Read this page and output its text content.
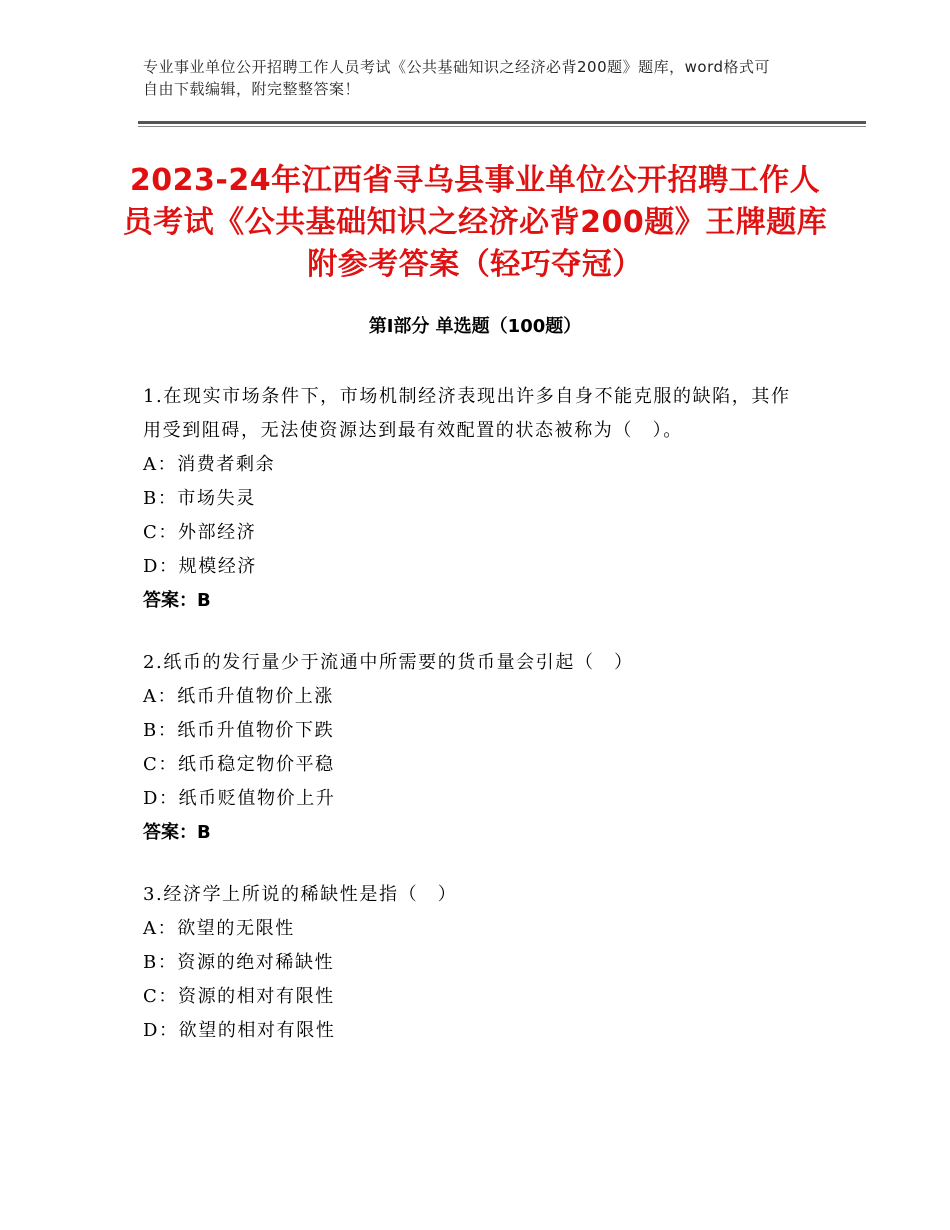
专业事业单位公开招聘工作人员考试《公共基础知识之经济必背200题》题库，word格式可自由下载编辑，附完整整答案！
2023-24年江西省寻乌县事业单位公开招聘工作人员考试《公共基础知识之经济必背200题》王牌题库附参考答案（轻巧夺冠）
第Ⅰ部分 单选题（100题）

1.在现实市场条件下，市场机制经济表现出许多自身不能克服的缺陷，其作用受到阻碍，无法使资源达到最有效配置的状态被称为（　）。

A：消费者剩余

B：市场失灵

C：外部经济

D：规模经济

答案：B

2.纸币的发行量少于流通中所需要的货币量会引起（　）

A：纸币升值物价上涨

B：纸币升值物价下跌

C：纸币稳定物价平稳

D：纸币贬值物价上升

答案：B

3.经济学上所说的稀缺性是指（　）

A：欲望的无限性

B：资源的绝对稀缺性

C：资源的相对有限性

D：欲望的相对有限性
